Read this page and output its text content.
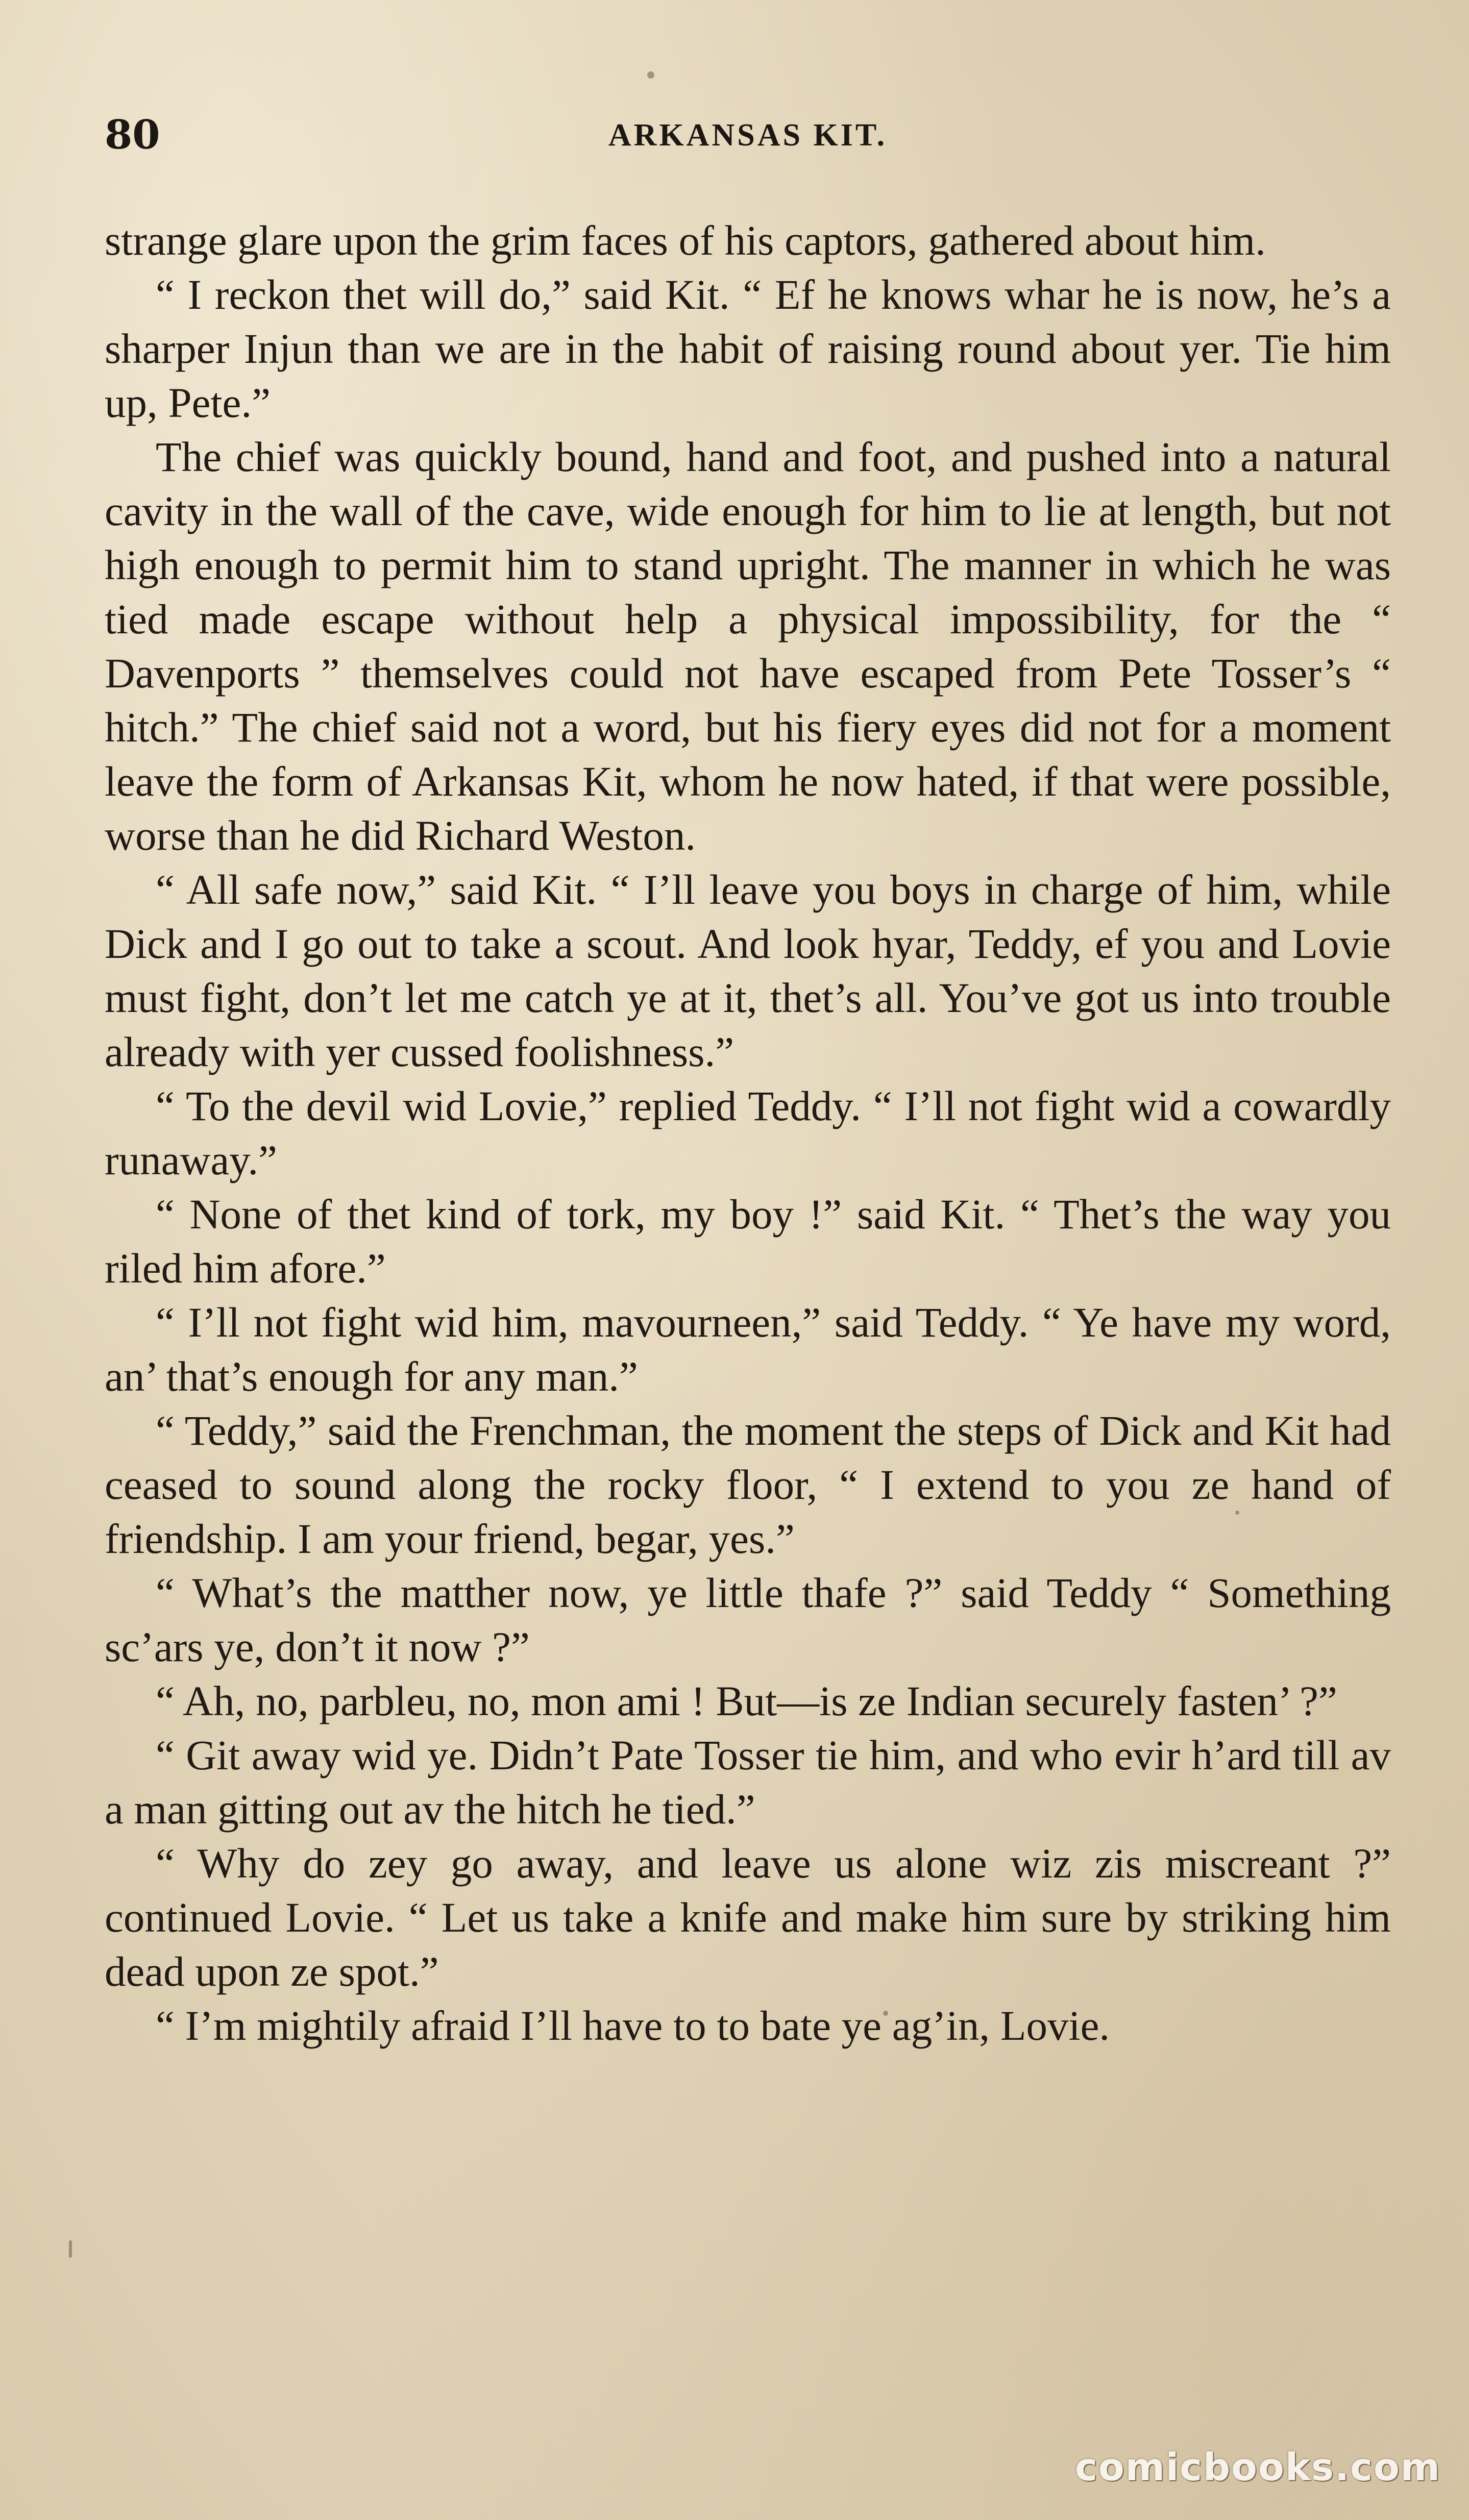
80	ARKANSAS KIT.

strange glare upon the grim faces of his captors, gathered about him.

“ I reckon thet will do,” said Kit. “ Ef he knows whar he is now, he’s a sharper Injun than we are in the habit of raising round about yer. Tie him up, Pete.”

The chief was quickly bound, hand and foot, and pushed into a natural cavity in the wall of the cave, wide enough for him to lie at length, but not high enough to permit him to stand upright. The manner in which he was tied made escape without help a physical impossibility, for the “ Davenports ” themselves could not have escaped from Pete Tosser’s “ hitch.” The chief said not a word, but his fiery eyes did not for a moment leave the form of Arkansas Kit, whom he now hated, if that were possible, worse than he did Richard Weston.

“ All safe now,” said Kit. “ I’ll leave you boys in charge of him, while Dick and I go out to take a scout. And look hyar, Teddy, ef you and Lovie must fight, don’t let me catch ye at it, thet’s all. You’ve got us into trouble already with yer cussed foolishness.”

“ To the devil wid Lovie,” replied Teddy. “ I’ll not fight wid a cowardly runaway.”

“ None of thet kind of tork, my boy !” said Kit. “ Thet’s the way you riled him afore.”

“ I’ll not fight wid him, mavourneen,” said Teddy. “ Ye have my word, an’ that’s enough for any man.”

“ Teddy,” said the Frenchman, the moment the steps of Dick and Kit had ceased to sound along the rocky floor, “ I extend to you ze hand of friendship. I am your friend, begar, yes.”

“ What’s the matther now, ye little thafe ?” said Teddy “ Something sc’ars ye, don’t it now ?”

“ Ah, no, parbleu, no, mon ami ! But—is ze Indian securely fasten’ ?”

“ Git away wid ye. Didn’t Pate Tosser tie him, and who evir h’ard till av a man gitting out av the hitch he tied.”

“ Why do zey go away, and leave us alone wiz zis miscreant ?” continued Lovie. “ Let us take a knife and make him sure by striking him dead upon ze spot.”

“ I’m mightily afraid I’ll have to to bate ye ag’in, Lovie.

comicbooks.com
